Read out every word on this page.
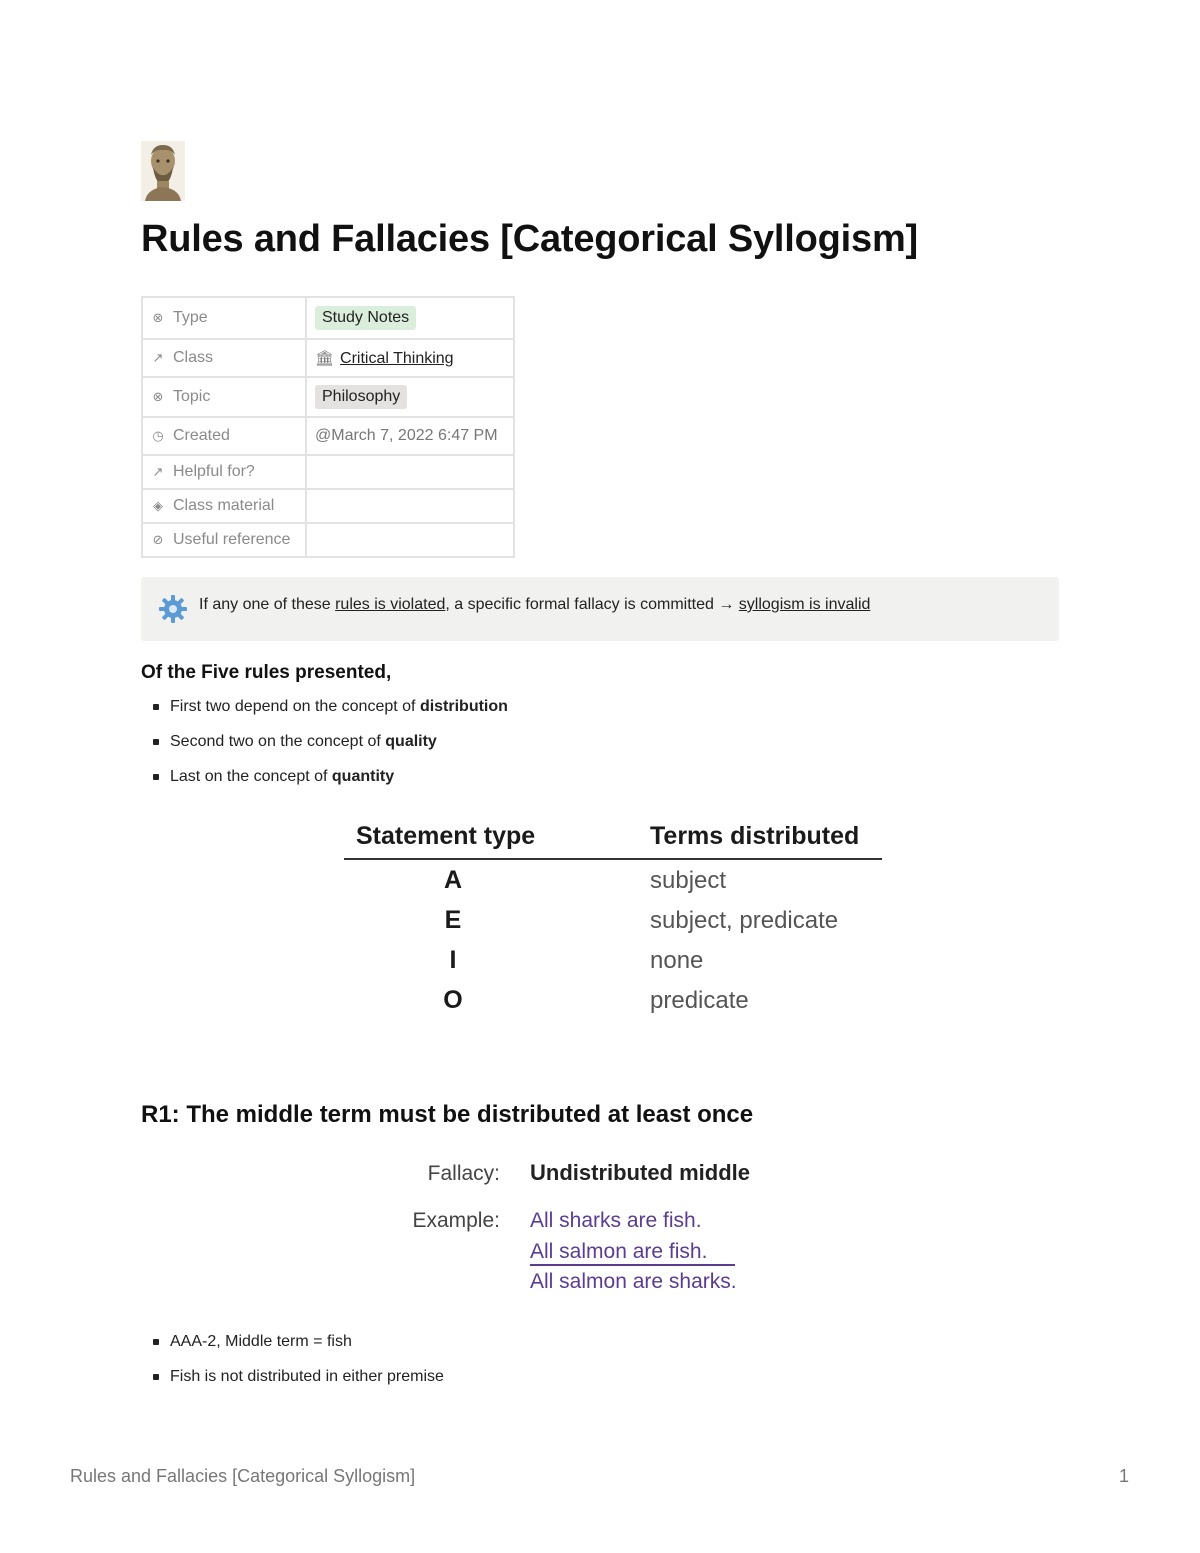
Rules and Fallacies [Categorical Syllogism]
⊗ Type	Study Notes
↗ Class	🏛 Critical Thinking
⊗ Topic	Philosophy
◷ Created	@March 7, 2022 6:47 PM
↗ Helpful for?	
◈ Class material	
⊘ Useful reference	
If any one of these rules is violated, a specific formal fallacy is committed → syllogism is invalid
Of the Five rules presented,
First two depend on the concept of distribution
Second two on the concept of quality
Last on the concept of quantity
Statement type	Terms distributed
A	subject
E	subject, predicate
I	none
O	predicate
R1: The middle term must be distributed at least once
Fallacy: Undistributed middle
Example: All sharks are fish.
All salmon are fish.
All salmon are sharks.
AAA-2, Middle term = fish
Fish is not distributed in either premise
Rules and Fallacies [Categorical Syllogism]	1
